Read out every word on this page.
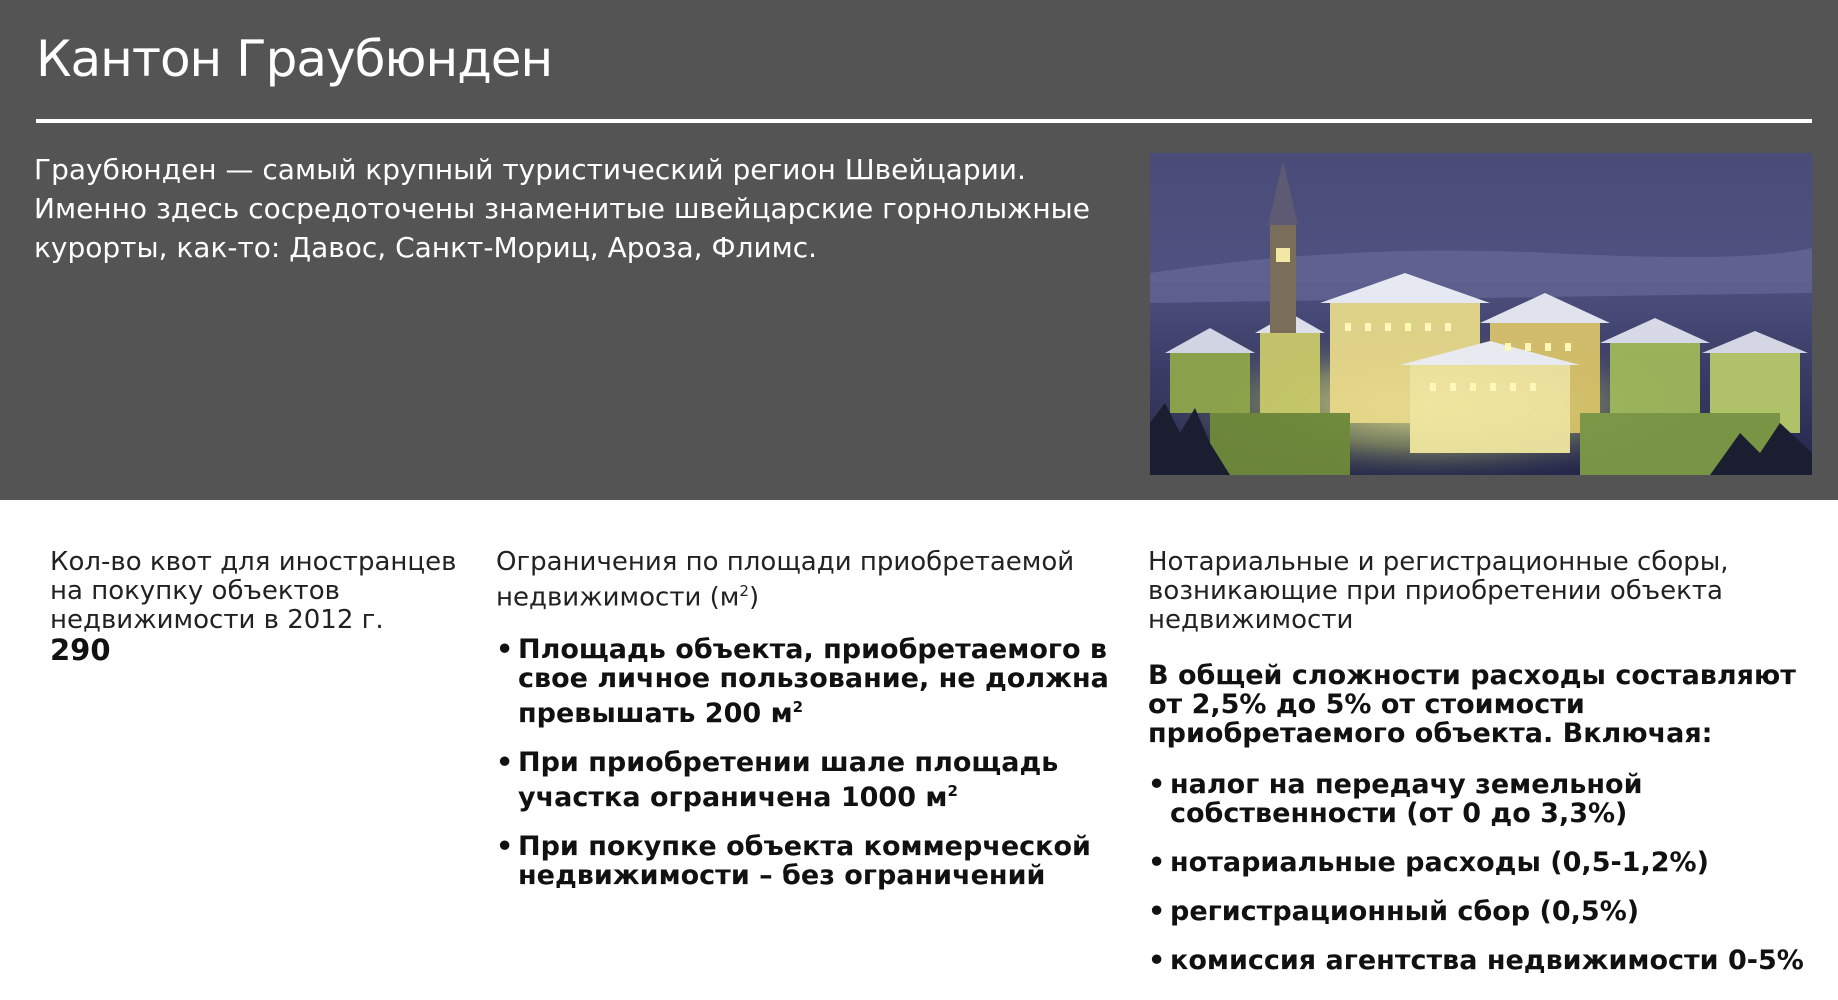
Кантон Граубюнден
Граубюнден — самый крупный туристический регион Швейцарии.
Именно здесь сосредоточены знаменитые швейцарские горнолыжные
курорты, как-то: Давос, Санкт-Мориц, Ароза, Флимс.
Кол-во квот для иностранцев на покупку объектов недвижимости в 2012 г.
290
Ограничения по площади приобретаемой недвижимости $(м^2)$
• Площадь объекта, приобретаемого в свое личное пользование, не должна превышать 200 $м^2$
• При приобретении шале площадь участка ограничена 1000 $м^2$
• При покупке объекта коммерческой недвижимости – без ограничений
Нотариальные и регистрационные сборы, возникающие при приобретении объекта недвижимости
В общей сложности расходы составляют от 2,5% до 5% от стоимости приобретаемого объекта. Включая:
• налог на передачу земельной собственности (от 0 до 3,3%)
• нотариальные расходы (0,5-1,2%)
• регистрационный сбор (0,5%)
• комиссия агентства недвижимости 0-5%
